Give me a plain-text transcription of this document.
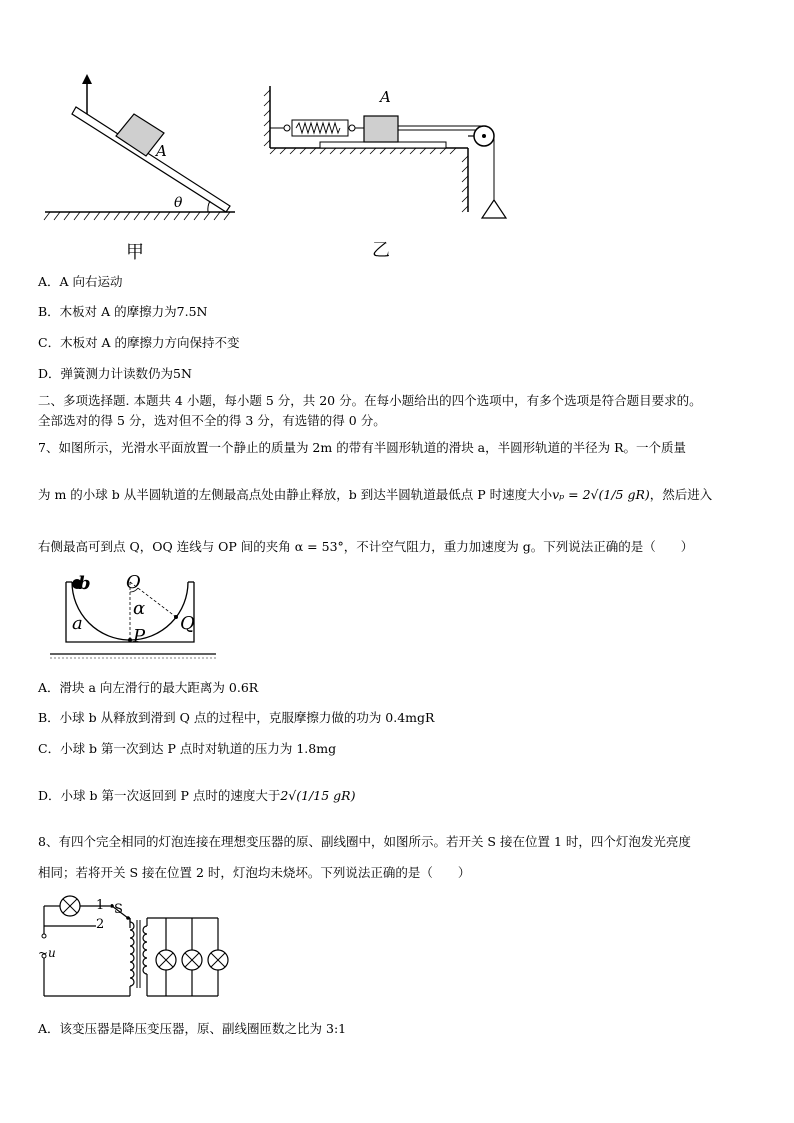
A
θ
甲
A
乙
A．A 向右运动
B．木板对 A 的摩擦力为7.5N
C．木板对 A 的摩擦力方向保持不变
D．弹簧测力计读数仍为5N
二、多项选择题. 本题共 4 小题，每小题 5 分，共 20 分。在每小题给出的四个选项中，有多个选项是符合题目要求的。
全部选对的得 5 分，选对但不全的得 3 分，有选错的得 0 分。
7、如图所示，光滑水平面放置一个静止的质量为 2m 的带有半圆形轨道的滑块 a，半圆形轨道的半径为 R。一个质量
为 m 的小球 b 从半圆轨道的左侧最高点处由静止释放，b 到达半圆轨道最低点 P 时速度大小vₚ = 2√(1/5 gR)，然后进入
右侧最高可到点 Q，OQ 连线与 OP 间的夹角 α = 53°，不计空气阻力，重力加速度为 g。下列说法正确的是（　　）
b O
α
a	Q
P
A．滑块 a 向左滑行的最大距离为 0.6R
B．小球 b 从释放到滑到 Q 点的过程中，克服摩擦力做的功为 0.4mgR
C．小球 b 第一次到达 P 点时对轨道的压力为 1.8mg
D．小球 b 第一次返回到 P 点时的速度大于2√(1/15 gR)
8、有四个完全相同的灯泡连接在理想变压器的原、副线圈中，如图所示。若开关 S 接在位置 1 时，四个灯泡发光亮度
相同；若将开关 S 接在位置 2 时，灯泡均未烧坏。下列说法正确的是（　　）
1
2
S
~u
A．该变压器是降压变压器，原、副线圈匝数之比为 3:1
